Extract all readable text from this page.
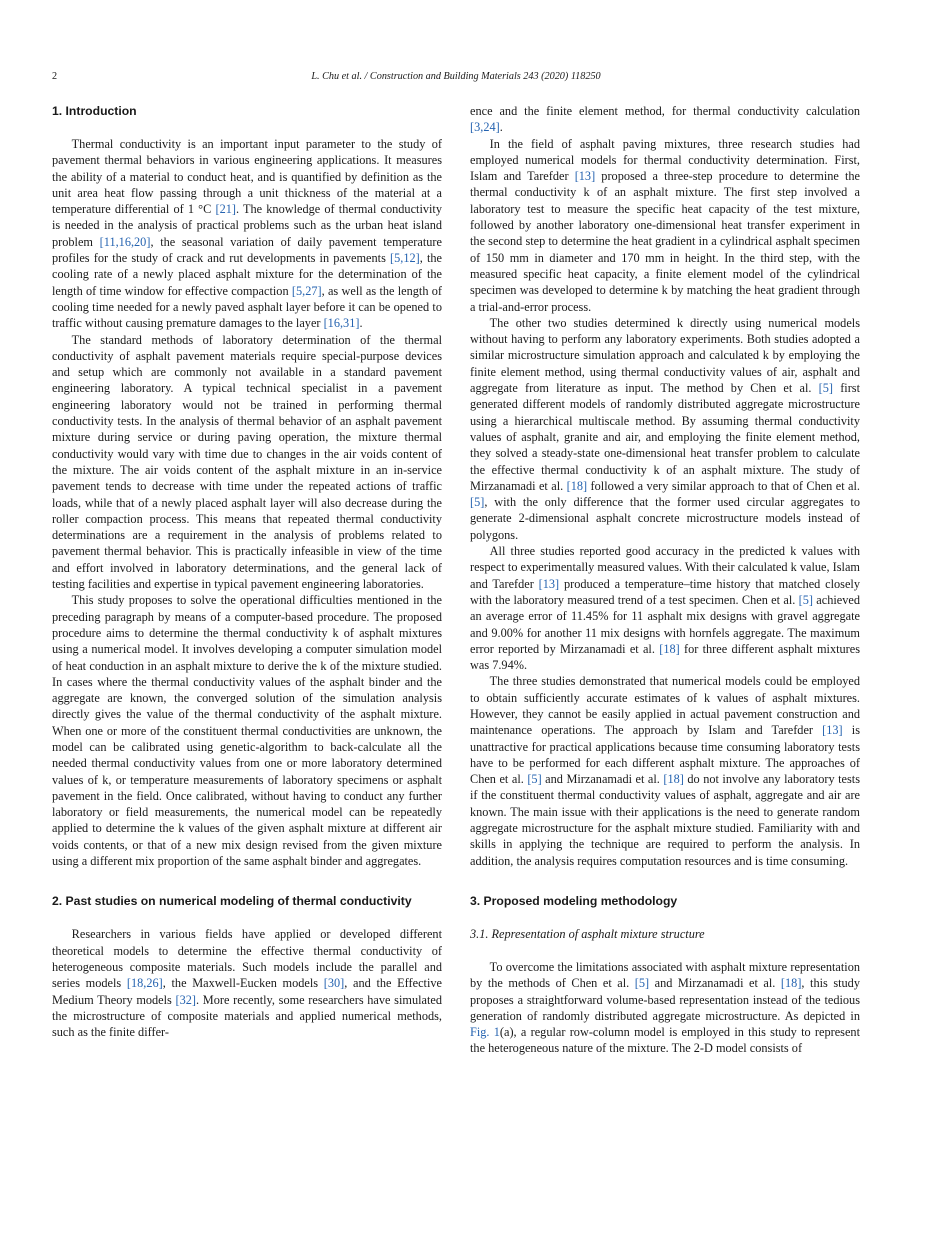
2	L. Chu et al. / Construction and Building Materials 243 (2020) 118250
1. Introduction

Thermal conductivity is an important input parameter to the study of pavement thermal behaviors in various engineering applications. It measures the ability of a material to conduct heat, and is quantified by definition as the unit area heat flow passing through a unit thickness of the material at a temperature differential of 1 °C [21]. The knowledge of thermal conductivity is needed in the analysis of practical problems such as the urban heat island problem [11,16,20], the seasonal variation of daily pavement temperature profiles for the study of crack and rut developments in pavements [5,12], the cooling rate of a newly placed asphalt mixture for the determination of the length of time window for effective compaction [5,27], as well as the length of cooling time needed for a newly paved asphalt layer before it can be opened to traffic without causing premature damages to the layer [16,31].

The standard methods of laboratory determination of the thermal conductivity of asphalt pavement materials require special-purpose devices and setup which are commonly not available in a standard pavement engineering laboratory. A typical technical specialist in a pavement engineering laboratory would not be trained in performing thermal conductivity tests. In the analysis of thermal behavior of an asphalt pavement mixture during service or during paving operation, the mixture thermal conductivity would vary with time due to changes in the air voids content of the mixture. The air voids content of the asphalt mixture in an in-service pavement tends to decrease with time under the repeated actions of traffic loads, while that of a newly placed asphalt layer will also decrease during the roller compaction process. This means that repeated thermal conductivity determinations are a requirement in the analysis of problems related to pavement thermal behavior. This is practically infeasible in view of the time and effort involved in laboratory determinations, and the general lack of testing facilities and expertise in typical pavement engineering laboratories.

This study proposes to solve the operational difficulties mentioned in the preceding paragraph by means of a computer-based procedure. The proposed procedure aims to determine the thermal conductivity k of asphalt mixtures using a numerical model. It involves developing a computer simulation model of heat conduction in an asphalt mixture to derive the k of the mixture studied. In cases where the thermal conductivity values of the asphalt binder and the aggregate are known, the converged solution of the simulation analysis directly gives the value of the thermal conductivity of the asphalt mixture. When one or more of the constituent thermal conductivities are unknown, the model can be calibrated using genetic-algorithm to back-calculate all the needed thermal conductivity values from one or more laboratory determined values of k, or temperature measurements of laboratory specimens or asphalt pavement in the field. Once calibrated, without having to conduct any further laboratory or field measurements, the numerical model can be repeatedly applied to determine the k values of the given asphalt mixture at different air voids contents, or that of a new mix design revised from the given mixture using a different mix proportion of the same asphalt binder and aggregates.

2. Past studies on numerical modeling of thermal conductivity

Researchers in various fields have applied or developed different theoretical models to determine the effective thermal conductivity of heterogeneous composite materials. Such models include the parallel and series models [18,26], the Maxwell-Eucken models [30], and the Effective Medium Theory models [32]. More recently, some researchers have simulated the microstructure of composite materials and applied numerical methods, such as the finite differ-

ence and the finite element method, for thermal conductivity calculation [3,24].

In the field of asphalt paving mixtures, three research studies had employed numerical models for thermal conductivity determination. First, Islam and Tarefder [13] proposed a three-step procedure to determine the thermal conductivity k of an asphalt mixture. The first step involved a laboratory test to measure the specific heat capacity of the test mixture, followed by another laboratory one-dimensional heat transfer experiment in the second step to determine the heat gradient in a cylindrical asphalt specimen of 150 mm in diameter and 170 mm in height. In the third step, with the measured specific heat capacity, a finite element model of the cylindrical specimen was developed to determine k by matching the heat gradient through a trial-and-error process.

The other two studies determined k directly using numerical models without having to perform any laboratory experiments. Both studies adopted a similar microstructure simulation approach and calculated k by employing the finite element method, using thermal conductivity values of air, asphalt and aggregate from literature as input. The method by Chen et al. [5] first generated different models of randomly distributed aggregate microstructure using a hierarchical multiscale method. By assuming thermal conductivity values of asphalt, granite and air, and employing the finite element method, they solved a steady-state one-dimensional heat transfer problem to calculate the effective thermal conductivity k of an asphalt mixture. The study of Mirzanamadi et al. [18] followed a very similar approach to that of Chen et al. [5], with the only difference that the former used circular aggregates to generate 2-dimensional asphalt concrete microstructure models instead of polygons.

All three studies reported good accuracy in the predicted k values with respect to experimentally measured values. With their calculated k value, Islam and Tarefder [13] produced a temperature–time history that matched closely with the laboratory measured trend of a test specimen. Chen et al. [5] achieved an average error of 11.45% for 11 asphalt mix designs with gravel aggregate and 9.00% for another 11 mix designs with hornfels aggregate. The maximum error reported by Mirzanamadi et al. [18] for three different asphalt mixtures was 7.94%.

The three studies demonstrated that numerical models could be employed to obtain sufficiently accurate estimates of k values of asphalt mixtures. However, they cannot be easily applied in actual pavement construction and maintenance operations. The approach by Islam and Tarefder [13] is unattractive for practical applications because time consuming laboratory tests have to be performed for each different asphalt mixture. The approaches of Chen et al. [5] and Mirzanamadi et al. [18] do not involve any laboratory tests if the constituent thermal conductivity values of asphalt, aggregate and air are known. The main issue with their applications is the need to generate random aggregate microstructure for the asphalt mixture studied. Familiarity with and skills in applying the technique are required to perform the analysis. In addition, the analysis requires computation resources and is time consuming.

3. Proposed modeling methodology
3.1. Representation of asphalt mixture structure

To overcome the limitations associated with asphalt mixture representation by the methods of Chen et al. [5] and Mirzanamadi et al. [18], this study proposes a straightforward volume-based representation instead of the tedious generation of randomly distributed aggregate microstructure. As depicted in Fig. 1(a), a regular row-column model is employed in this study to represent the heterogeneous nature of the mixture. The 2-D model consists of
